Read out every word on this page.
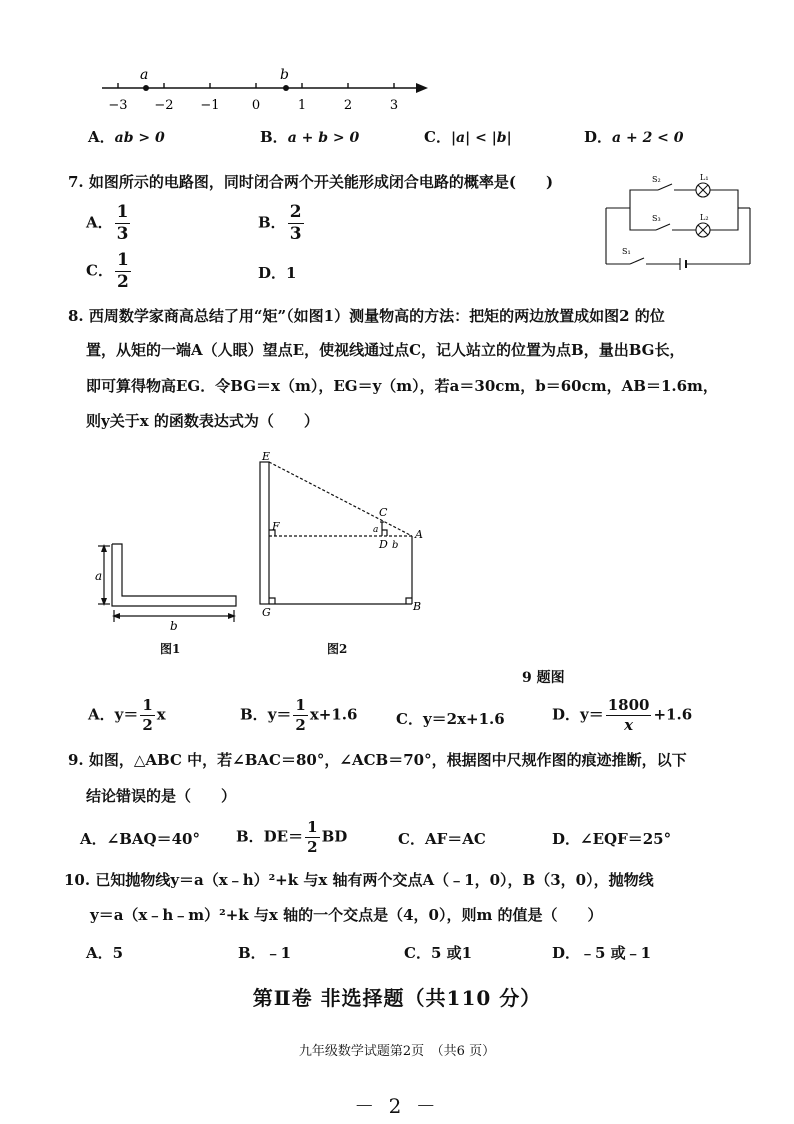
−3 −2 −1 0	1	2	3
a	b
A．ab > 0	B．a + b > 0	C．|a| < |b|	D．a + 2 < 0
7. 如图所示的电路图，同时闭合两个开关能形成闭合电路的概率是(　　)
A． $\frac{1}{3}$	B． $\frac{2}{3}$
C． $\frac{1}{2}$	D．1
S₂	L₁
S₃	L₂
S₁
8. 西周数学家商高总结了用“矩”（如图1）测量物高的方法：把矩的两边放置成如图2 的位
置，从矩的一端A（人眼）望点E，使视线通过点C，记人站立的位置为点B，量出BG长，
即可算得物高EG．令BG＝x（m），EG＝y（m），若a＝30cm，b＝60cm，AB＝1.6m，
则y关于x 的函数表达式为（　　）
a
b
图1
E
F
G
C
a
D b
A
B
图2
9 题图
A．$y= \frac{1}{2}$ x	B．$y= \frac{1}{2} x+1.6$	C．y＝2x+1.6	D．$y= \frac{1800}{x} +1.6$
9. 如图，△ABC 中，若∠BAC＝80°，∠ACB＝70°，根据图中尺规作图的痕迹推断，以下
结论错误的是（　　）
A．∠BAQ＝40° B．$DE= \frac{1}{2}$ BD	C．AF＝AC	D．∠EQF＝25°
10. 已知抛物线y＝a（x﹣h）²+k 与x 轴有两个交点A（﹣1，0），B（3，0），抛物线
y＝a（x﹣h﹣m）²+k 与x 轴的一个交点是（4，0），则m 的值是（　　）
A．5	B．﹣1	C．5 或1	D．﹣5 或﹣1
第Ⅱ卷 非选择题（共110 分）
九年级数学试题第2页　（共6 页）
－ 2 －
